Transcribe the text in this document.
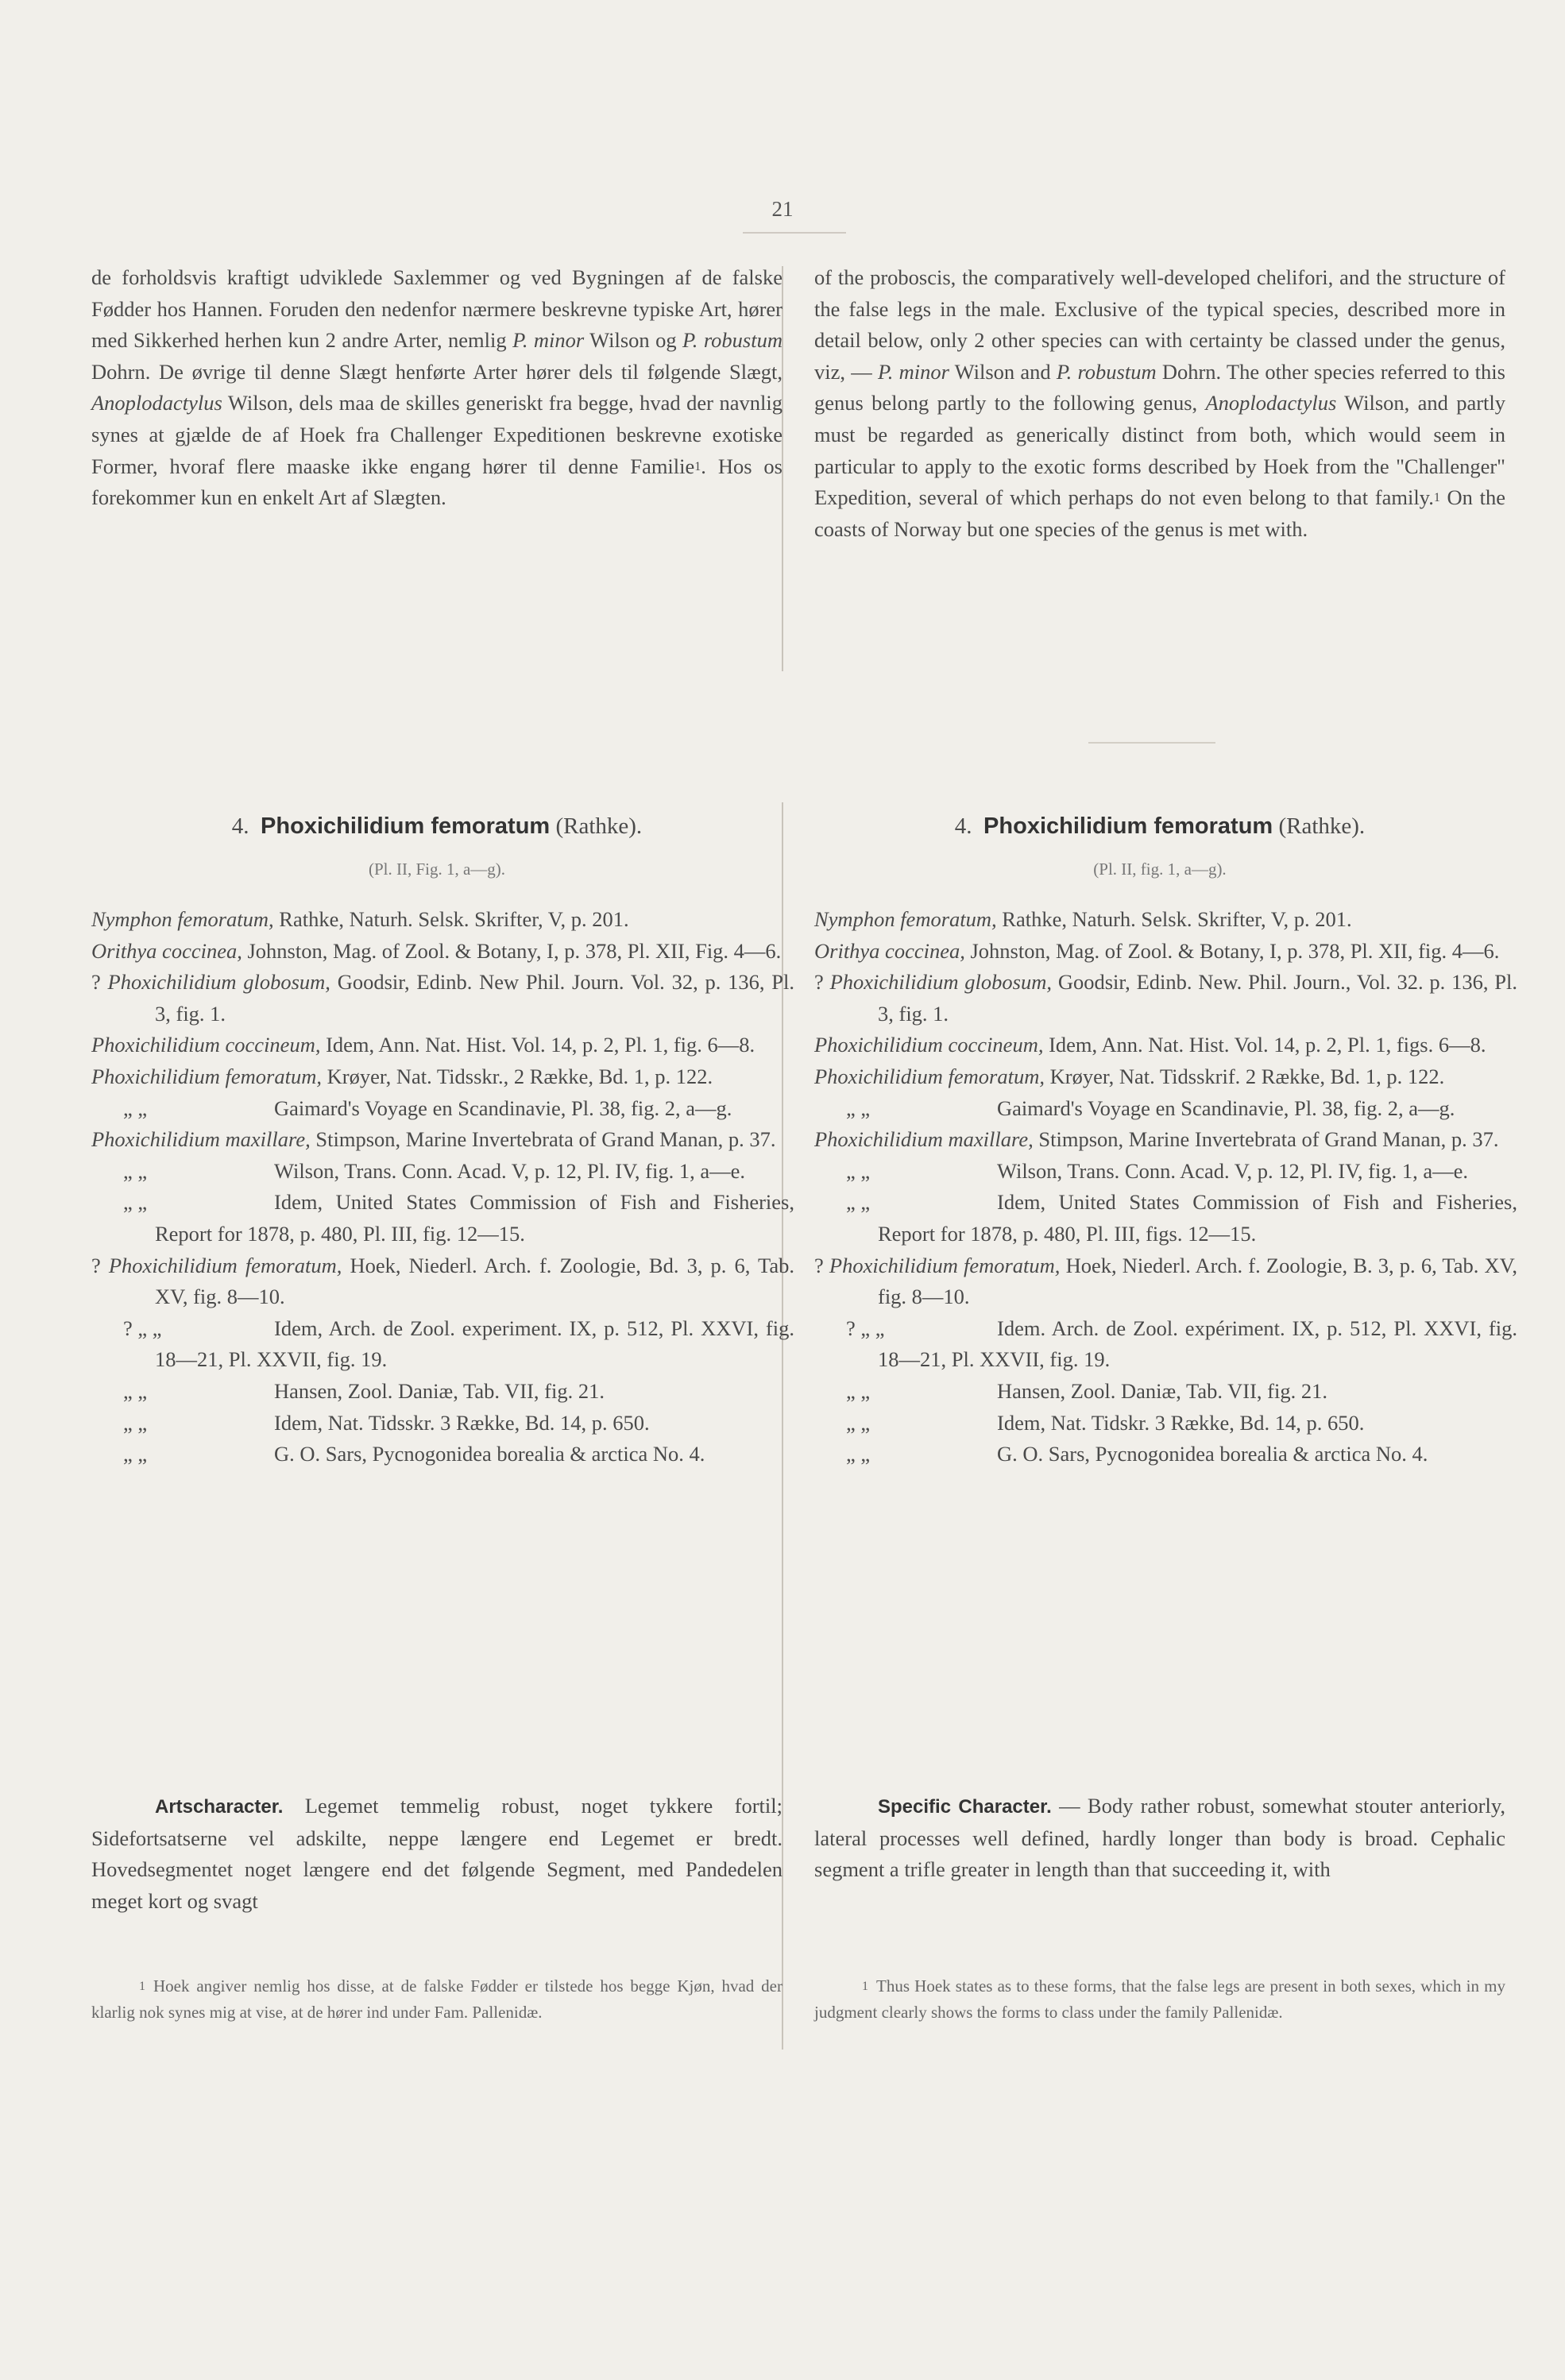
21

de forholdsvis kraftigt udviklede Saxlemmer og ved Bygningen af de falske Fødder hos Hannen. Foruden den nedenfor nærmere beskrevne typiske Art, hører med Sikkerhed herhen kun 2 andre Arter, nemlig P. minor Wilson og P. robustum Dohrn. De øvrige til denne Slægt henførte Arter hører dels til følgende Slægt, Anoplodactylus Wilson, dels maa de skilles generiskt fra begge, hvad der navnlig synes at gjælde de af Hoek fra Challenger Expeditionen beskrevne exotiske Former, hvoraf flere maaske ikke engang hører til denne Familie$^1$. Hos os forekommer kun en enkelt Art af Slægten.

4. Phoxichilidium femoratum (Rathke).
(Pl. II, Fig. 1, a—g).
Nymphon femoratum, Rathke, Naturh. Selsk. Skrifter, V, p. 201.
Orithya coccinea, Johnston, Mag. of Zool. & Botany, I, p. 378, Pl. XII, Fig. 4—6.
? Phoxichilidium globosum, Goodsir, Edinb. New Phil. Journ. Vol. 32, p. 136, Pl. 3, fig. 1.
Phoxichilidium coccineum, Idem, Ann. Nat. Hist. Vol. 14, p. 2, Pl. 1, fig. 6—8.
Phoxichilidium femoratum, Krøyer, Nat. Tidsskr., 2 Række, Bd. 1, p. 122.
„ „	Gaimard's Voyage en Scandinavie, Pl. 38, fig. 2, a—g.
Phoxichilidium maxillare, Stimpson, Marine Invertebrata of Grand Manan, p. 37.
„ „	Wilson, Trans. Conn. Acad. V, p. 12, Pl. IV, fig. 1, a—e.
„ „	Idem, United States Commission of Fish and Fisheries, Report for 1878, p. 480, Pl. III, fig. 12—15.
? Phoxichilidium femoratum, Hoek, Niederl. Arch. f. Zoologie, Bd. 3, p. 6, Tab. XV, fig. 8—10.
? „ „	Idem, Arch. de Zool. experiment. IX, p. 512, Pl. XXVI, fig. 18—21, Pl. XXVII, fig. 19.
„ „	Hansen, Zool. Daniæ, Tab. VII, fig. 21.
„ „	Idem, Nat. Tidsskr. 3 Række, Bd. 14, p. 650.
„ „	G. O. Sars, Pycnogonidea borealia & arctica No. 4.

Artscharacter. Legemet temmelig robust, noget tykkere fortil; Sidefortsatserne vel adskilte, neppe længere end Legemet er bredt. Hovedsegmentet noget længere end det følgende Segment, med Pandedelen meget kort og svagt

$^1$ Hoek angiver nemlig hos disse, at de falske Fødder er tilstede hos begge Kjøn, hvad der klarlig nok synes mig at vise, at de hører ind under Fam. Pallenidæ.

of the proboscis, the comparatively well-developed chelifori, and the structure of the false legs in the male. Exclusive of the typical species, described more in detail below, only 2 other species can with certainty be classed under the genus, viz, — P. minor Wilson and P. robustum Dohrn. The other species referred to this genus belong partly to the following genus, Anoplodactylus Wilson, and partly must be regarded as generically distinct from both, which would seem in particular to apply to the exotic forms described by Hoek from the "Challenger" Expedition, several of which perhaps do not even belong to that family.$^1$ On the coasts of Norway but one species of the genus is met with.

4. Phoxichilidium femoratum (Rathke).
(Pl. II, fig. 1, a—g).
Nymphon femoratum, Rathke, Naturh. Selsk. Skrifter, V, p. 201.
Orithya coccinea, Johnston, Mag. of Zool. & Botany, I, p. 378, Pl. XII, fig. 4—6.
? Phoxichilidium globosum, Goodsir, Edinb. New. Phil. Journ., Vol. 32. p. 136, Pl. 3, fig. 1.
Phoxichilidium coccineum, Idem, Ann. Nat. Hist. Vol. 14, p. 2, Pl. 1, figs. 6—8.
Phoxichilidium femoratum, Krøyer, Nat. Tidsskrif. 2 Række, Bd. 1, p. 122.
„ „	Gaimard's Voyage en Scandinavie, Pl. 38, fig. 2, a—g.
Phoxichilidium maxillare, Stimpson, Marine Invertebrata of Grand Manan, p. 37.
„ „	Wilson, Trans. Conn. Acad. V, p. 12, Pl. IV, fig. 1, a—e.
„ „	Idem, United States Commission of Fish and Fisheries, Report for 1878, p. 480, Pl. III, figs. 12—15.
? Phoxichilidium femoratum, Hoek, Niederl. Arch. f. Zoologie, B. 3, p. 6, Tab. XV, fig. 8—10.
? „ „	Idem. Arch. de Zool. expériment. IX, p. 512, Pl. XXVI, fig. 18—21, Pl. XXVII, fig. 19.
„ „	Hansen, Zool. Daniæ, Tab. VII, fig. 21.
„ „	Idem, Nat. Tidskr. 3 Række, Bd. 14, p. 650.
„ „	G. O. Sars, Pycnogonidea borealia & arctica No. 4.

Specific Character. — Body rather robust, somewhat stouter anteriorly, lateral processes well defined, hardly longer than body is broad. Cephalic segment a trifle greater in length than that succeeding it, with

$^1$ Thus Hoek states as to these forms, that the false legs are present in both sexes, which in my judgment clearly shows the forms to class under the family Pallenidæ.
